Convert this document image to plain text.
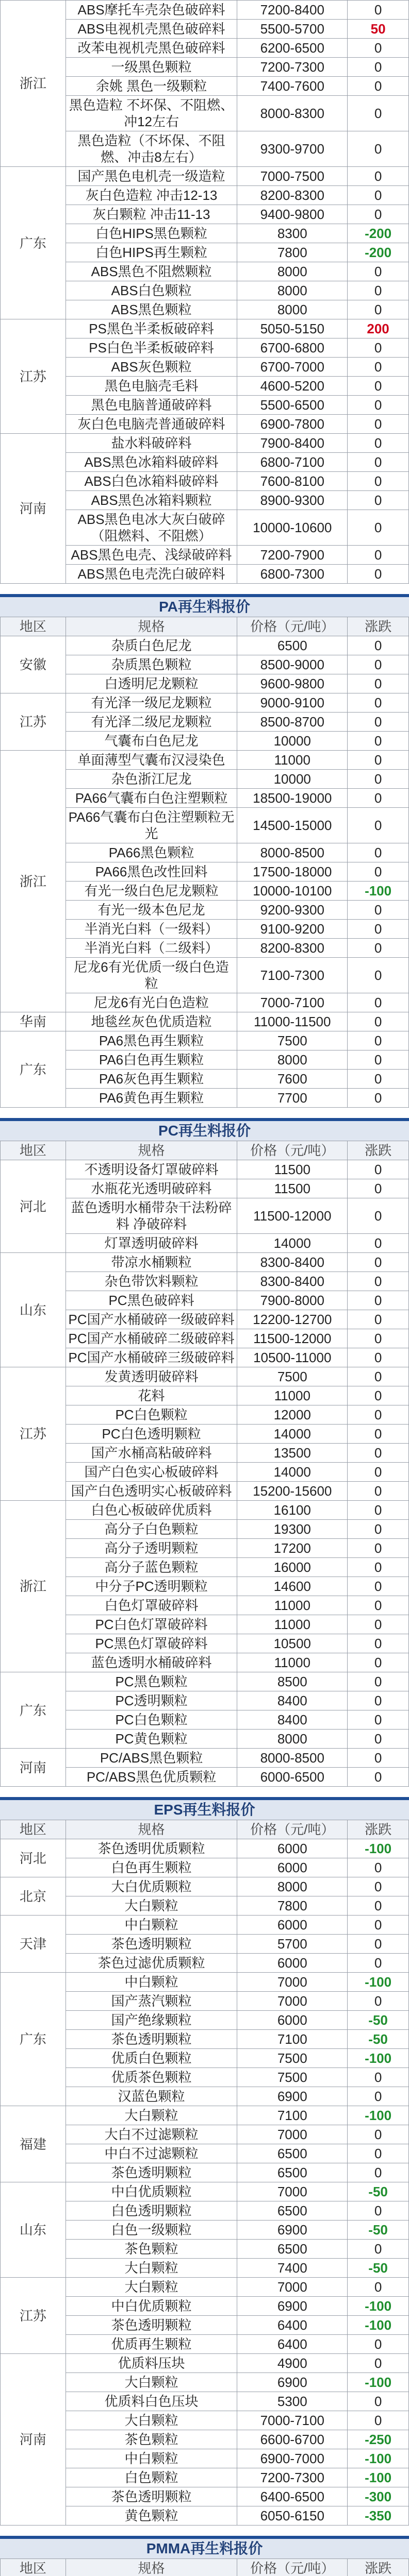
浙江	ABS摩托车壳杂色破碎料	7200-8400	0
	ABS电视机壳黑色破碎料	5500-5700	50
	改苯电视机壳黑色破碎料	6200-6500	0
	一级黑色颗粒	7200-7300	0
	余姚 黑色一级颗粒	7400-7600	0
	黑色造粒 不坏保、不阻燃、冲12左右	8000-8300	0
	黑色造粒（不坏保、不阻燃、冲击8左右）	9300-9700	0
广东	国产黑色电机壳一级造粒	7000-7500	0
	灰白色造粒 冲击12-13	8200-8300	0
	灰白颗粒 冲击11-13	9400-9800	0
	白色HIPS黑色颗粒	8300	-200
	白色HIPS再生颗粒	7800	-200
	ABS黑色不阻燃颗粒	8000	0
	ABS白色颗粒	8000	0
	ABS黑色颗粒	8000	0
江苏	PS黑色半柔板破碎料	5050-5150	200
	PS白色半柔板破碎料	6700-6800	0
	ABS灰色颗粒	6700-7000	0
	黑色电脑壳毛料	4600-5200	0
	黑色电脑普通破碎料	5500-6500	0
	灰白色电脑壳普通破碎料	6900-7800	0
河南	盐水料破碎料	7900-8400	0
	ABS黑色冰箱料破碎料	6800-7100	0
	ABS白色冰箱料破碎料	7600-8100	0
	ABS黑色冰箱料颗粒	8900-9300	0
	ABS黑色电冰大灰白破碎（阻燃料、不阻燃）	10000-10600	0
	ABS黑色电壳、浅绿破碎料	7200-7900	0
	ABS黑色电壳洗白破碎料	6800-7300	0
PA再生料报价
地区	规格	价格（元/吨）	涨跌
安徽	杂质白色尼龙	6500	0
	杂质黑色颗粒	8500-9000	0
	白透明尼龙颗粒	9600-9800	0
江苏	有光泽一级尼龙颗粒	9000-9100	0
	有光泽二级尼龙颗粒	8500-8700	0
	气囊布白色尼龙	10000	0
浙江	单面薄型气囊布汉浸染色	11000	0
	杂色浙江尼龙	10000	0
	PA66气囊布白色注塑颗粒	18500-19000	0
	PA66气囊布白色注塑颗粒无光	14500-15000	0
	PA66黑色颗粒	8000-8500	0
	PA66黑色改性回料	17500-18000	0
	有光一级白色尼龙颗粒	10000-10100	-100
	有光一级本色尼龙	9200-9300	0
	半消光白料（一级料）	9100-9200	0
	半消光白料（二级料）	8200-8300	0
	尼龙6有光优质一级白色造粒	7100-7300	0
	尼龙6有光白色造粒	7000-7100	0
华南	地毯丝灰色优质造粒	11000-11500	0
广东	PA6黑色再生颗粒	7500	0
	PA6白色再生颗粒	8000	0
	PA6灰色再生颗粒	7600	0
	PA6黄色再生颗粒	7700	0
PC再生料报价
地区	规格	价格（元/吨）	涨跌
河北	不透明设备灯罩破碎料	11500	0
	水瓶花光透明破碎料	11500	0
	蓝色透明水桶带杂干法粉碎料 净破碎料	11500-12000	0
	灯罩透明破碎料	14000	0
山东	带凉水桶颗粒	8300-8400	0
	杂色带饮料颗粒	8300-8400	0
	PC黑色破碎料	7900-8000	0
	PC国产水桶破碎一级破碎料	12200-12700	0
	PC国产水桶破碎二级破碎料	11500-12000	0
	PC国产水桶破碎三级破碎料	10500-11000	0
江苏	发黄透明破碎料	7500	0
	花料	11000	0
	PC白色颗粒	12000	0
	PC白色透明颗粒	14000	0
	国产水桶高粘破碎料	13500	0
	国产白色实心板破碎料	14000	0
	国产白色透明实心板破碎料	15200-15600	0
浙江	白色心板破碎优质料	16100	0
	高分子白色颗粒	19300	0
	高分子透明颗粒	17200	0
	高分子蓝色颗粒	16000	0
	中分子PC透明颗粒	14600	0
	白色灯罩破碎料	11000	0
	PC白色灯罩破碎料	11000	0
	PC黑色灯罩破碎料	10500	0
	蓝色透明水桶破碎料	11000	0
广东	PC黑色颗粒	8500	0
	PC透明颗粒	8400	0
	PC白色颗粒	8400	0
	PC黄色颗粒	8000	0
河南	PC/ABS黑色颗粒	8000-8500	0
	PC/ABS黑色优质颗粒	6000-6500	0
EPS再生料报价
地区	规格	价格（元/吨）	涨跌
河北	茶色透明优质颗粒	6000	-100
	白色再生颗粒	6000	0
北京	大白优质颗粒	8000	0
	大白颗粒	7800	0
天津	中白颗粒	6000	0
	茶色透明颗粒	5700	0
	茶色过滤优质颗粒	6000	0
广东	中白颗粒	7000	-100
	国产蒸汽颗粒	7000	0
	国产绝缘颗粒	6000	-50
	茶色透明颗粒	7100	-50
	优质白色颗粒	7500	-100
	优质茶色颗粒	7500	0
	汉蓝色颗粒	6900	0
福建	大白颗粒	7100	-100
	大白不过滤颗粒	7000	0
	中白不过滤颗粒	6500	0
	茶色透明颗粒	6500	0
山东	中白优质颗粒	7000	-50
	白色透明颗粒	6500	0
	白色一级颗粒	6900	-50
	茶色颗粒	6500	0
	大白颗粒	7400	-50
江苏	大白颗粒	7000	0
	中白优质颗粒	6900	-100
	茶色透明颗粒	6400	-100
	优质再生颗粒	6400	0
河南	优质料压块	4900	0
	大白颗粒	6900	-100
	优质料白色压块	5300	0
	大白颗粒	7000-7100	0
	茶色颗粒	6600-6700	-250
	中白颗粒	6900-7000	-100
	白色颗粒	7200-7300	-100
	茶色透明颗粒	6400-6500	-300
	黄色颗粒	6050-6150	-350
PMMA再生料报价
地区	规格	价格（元/吨）	涨跌
